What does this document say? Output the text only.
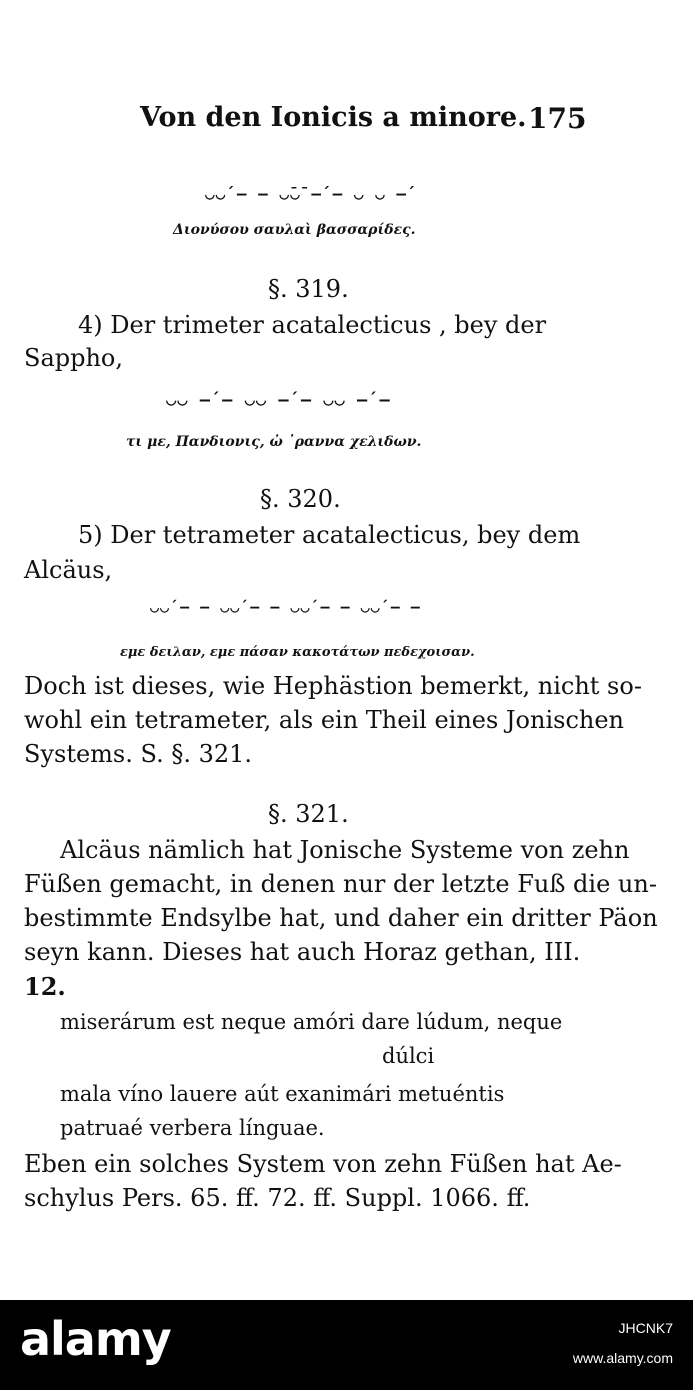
Von den Ionicis a minore. 175
◡◡́ – – ◡̄◡̄ –́ – ◡ ◡ –́
Διονύσου σαυλαὶ βασσαρίδες.
§. 319.
4) Der trimeter acatalecticus , bey der
Sappho,
◡◡ –́ – ◡◡ –́ – ◡◡ –́ –
τι με, Πανδιονις, ὠ ᾽ραννα χελιδων.
§. 320.
5) Der tetrameter acatalecticus, bey dem
Alcäus,
◡◡́ – – ◡◡́ – – ◡◡́ – – ◡◡́ – –
εμε δειλαν, εμε πάσαν κακοτάτων πεδεχοισαν.
Doch ist dieses, wie Hephästion bemerkt, nicht so-
wohl ein tetrameter, als ein Theil eines Jonischen
Systems. S. §. 321.
§. 321.
Alcäus nämlich hat Jonische Systeme von zehn
Füßen gemacht, in denen nur der letzte Fuß die un-
bestimmte Endsylbe hat, und daher ein dritter Päon
seyn kann. Dieses hat auch Horaz gethan, III.
12.
miserárum est neque amóri dare lúdum, neque
dúlci
mala víno lauere aút exanimári metuéntis
patruaé verbera línguae.
Eben ein solches System von zehn Füßen hat Ae-
schylus Pers. 65. ff. 72. ff. Suppl. 1066. ff.
alamy	JHCNK7
www.alamy.com
